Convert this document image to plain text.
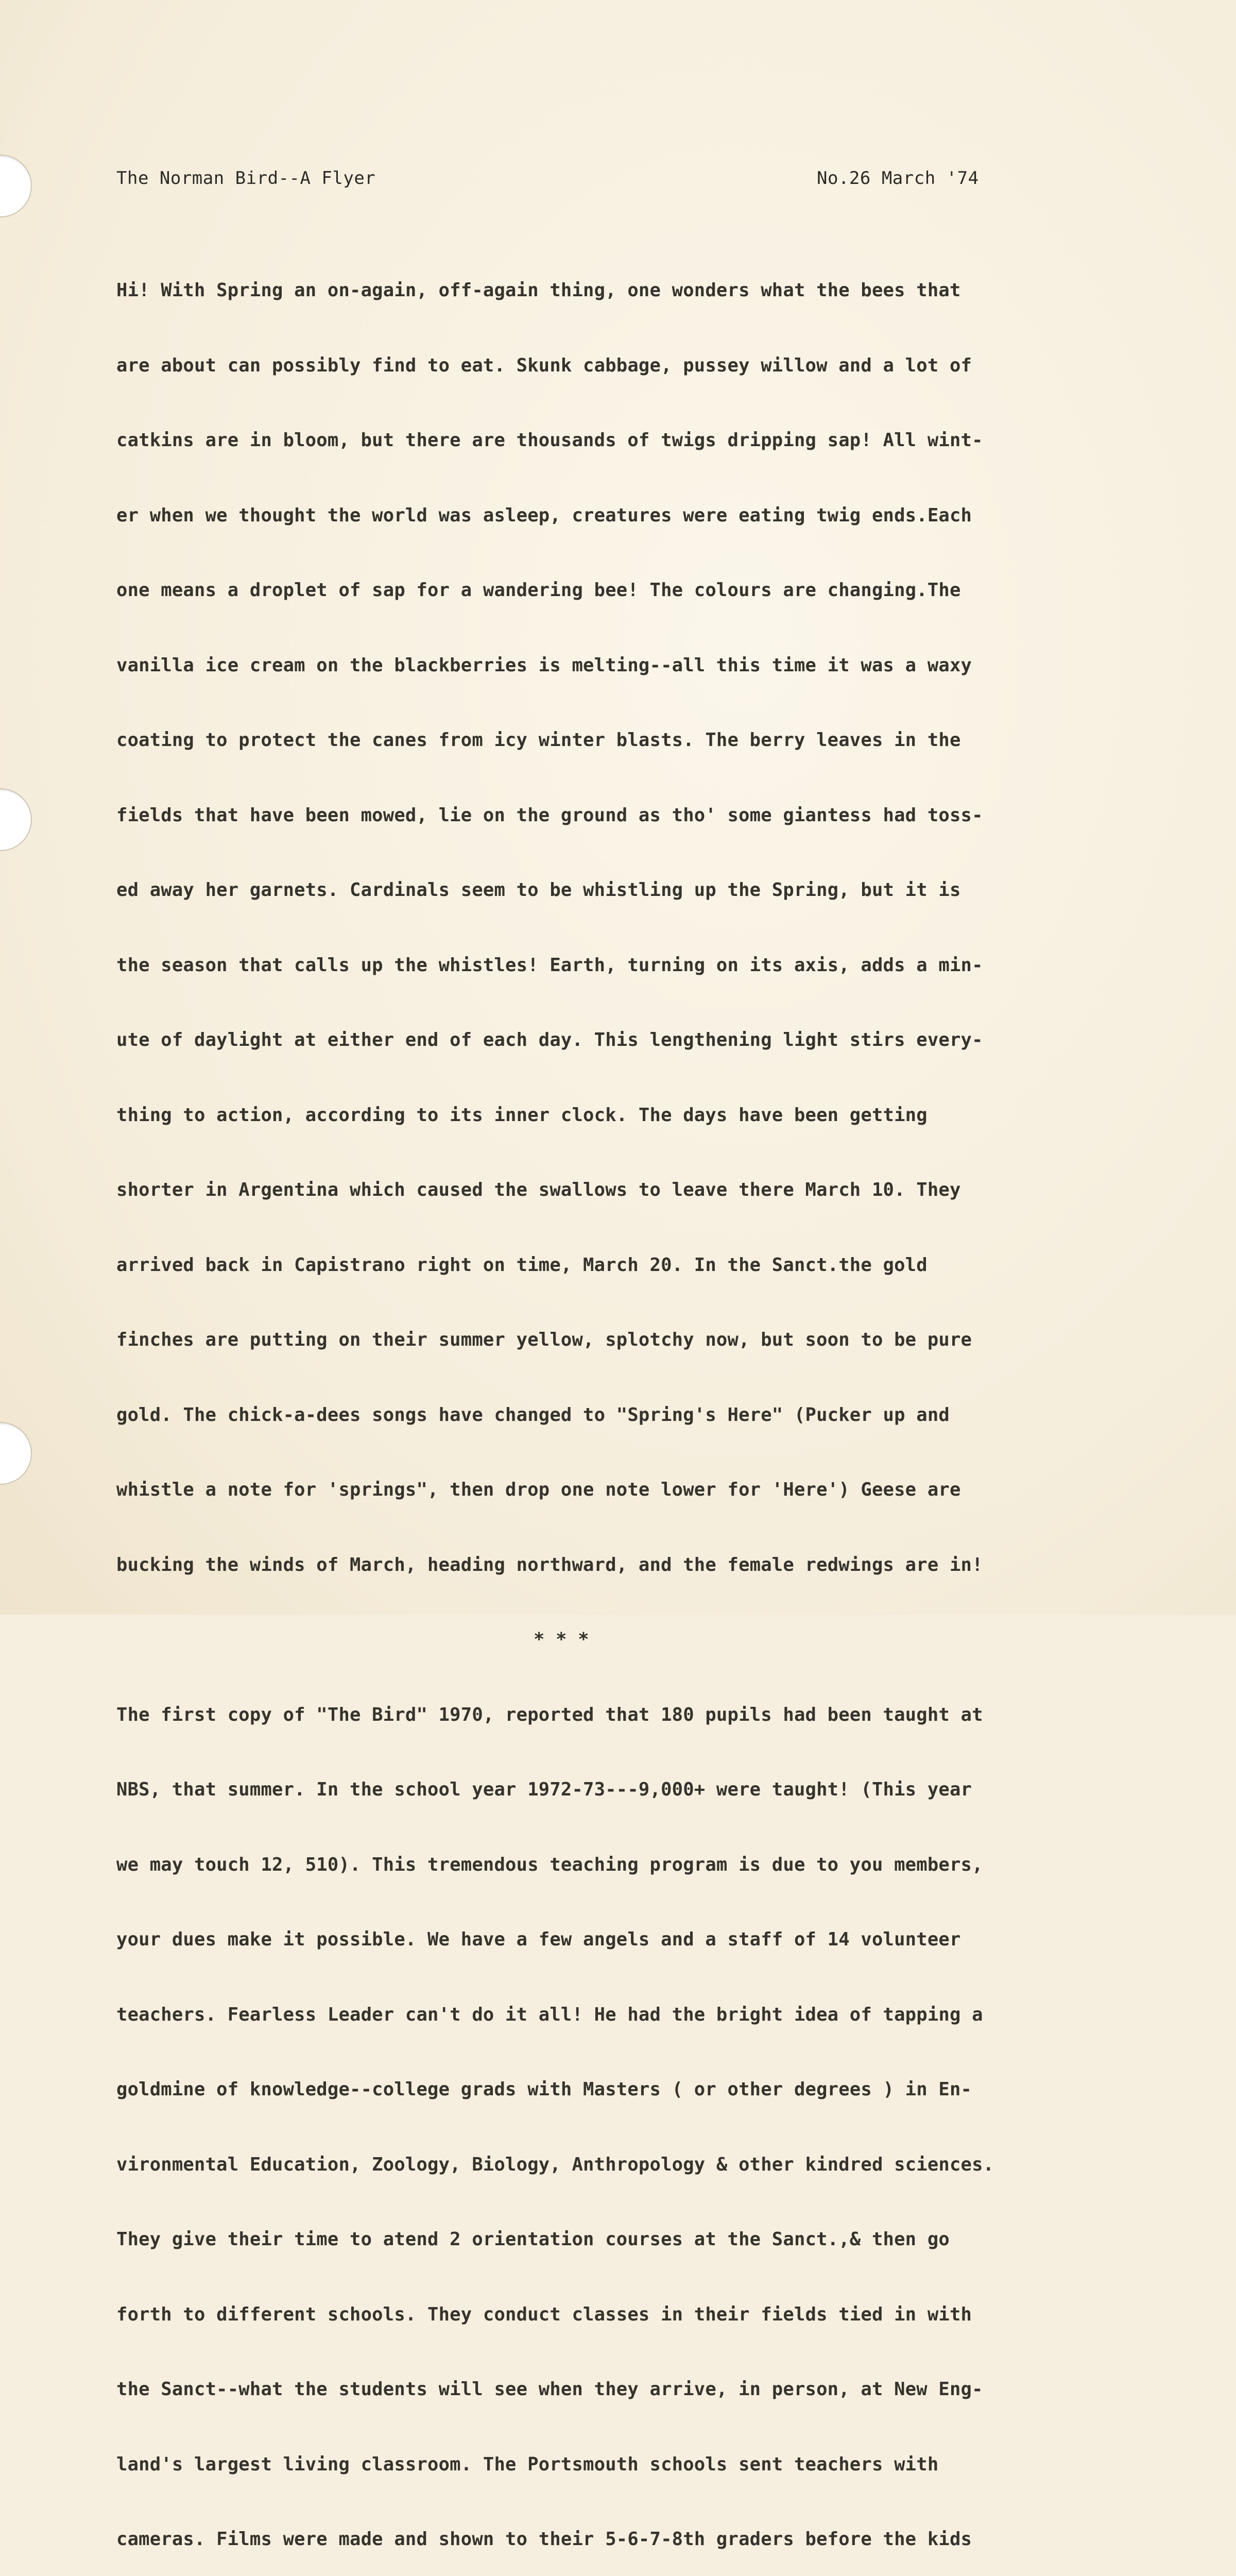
The Norman Bird--A Flyer	No.26 March '74

Hi! With Spring an on-again, off-again thing, one wonders what the bees that

are about can possibly find to eat. Skunk cabbage, pussey willow and a lot of

catkins are in bloom, but there are thousands of twigs dripping sap! All wint-

er when we thought the world was asleep, creatures were eating twig ends.Each

one means a droplet of sap for a wandering bee! The colours are changing.The

vanilla ice cream on the blackberries is melting--all this time it was a waxy

coating to protect the canes from icy winter blasts. The berry leaves in the

fields that have been mowed, lie on the ground as tho' some giantess had toss-

ed away her garnets. Cardinals seem to be whistling up the Spring, but it is

the season that calls up the whistles! Earth, turning on its axis, adds a min-

ute of daylight at either end of each day. This lengthening light stirs every-

thing to action, according to its inner clock. The days have been getting

shorter in Argentina which caused the swallows to leave there March 10. They

arrived back in Capistrano right on time, March 20. In the Sanct.the gold

finches are putting on their summer yellow, splotchy now, but soon to be pure

gold. The chick-a-dees songs have changed to "Spring's Here" (Pucker up and

whistle a note for 'springs", then drop one note lower for 'Here') Geese are

bucking the winds of March, heading northward, and the female redwings are in!

* * *

The first copy of "The Bird" 1970, reported that 180 pupils had been taught at

NBS, that summer. In the school year 1972-73---9,000+ were taught! (This year

we may touch 12, 510). This tremendous teaching program is due to you members,

your dues make it possible. We have a few angels and a staff of 14 volunteer

teachers. Fearless Leader can't do it all! He had the bright idea of tapping a

goldmine of knowledge--college grads with Masters ( or other degrees ) in En-

vironmental Education, Zoology, Biology, Anthropology & other kindred sciences.

They give their time to atend 2 orientation courses at the Sanct.,& then go

forth to different schools. They conduct classes in their fields tied in with

the Sanct--what the students will see when they arrive, in person, at New Eng-

land's largest living classroom. The Portsmouth schools sent teachers with

cameras. Films were made and shown to their 5-6-7-8th graders before the kids
